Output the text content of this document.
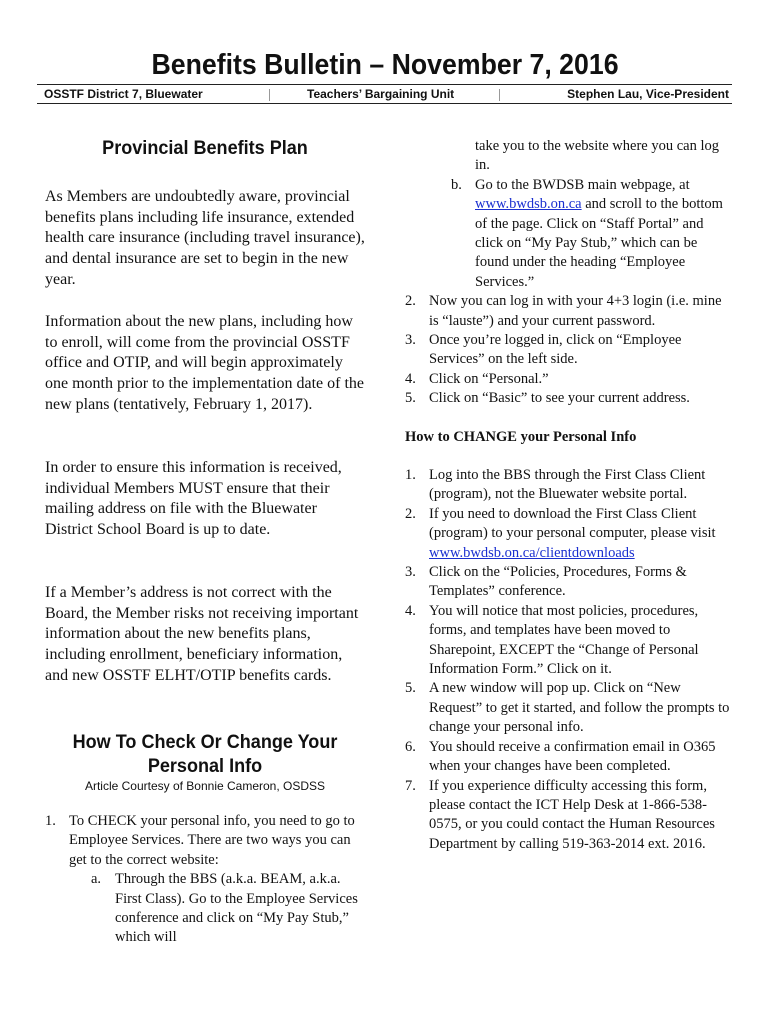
Benefits Bulletin – November 7, 2016
OSSTF District 7, Bluewater	Teachers’ Bargaining Unit	Stephen Lau, Vice-President
Provincial Benefits Plan

As Members are undoubtedly aware, provincial benefits plans including life insurance, extended health care insurance (including travel insurance), and dental insurance are set to begin in the new year.

Information about the new plans, including how to enroll, will come from the provincial OSSTF office and OTIP, and will begin approximately one month prior to the implementation date of the new plans (tentatively, February 1, 2017).

In order to ensure this information is received, individual Members MUST ensure that their mailing address on file with the Bluewater District School Board is up to date.

If a Member’s address is not correct with the Board, the Member risks not receiving important information about the new benefits plans, including enrollment, beneficiary information, and new OSSTF ELHT/OTIP benefits cards.

How To Check Or Change Your Personal Info
Article Courtesy of Bonnie Cameron, OSDSS
1. To CHECK your personal info, you need to go to Employee Services. There are two ways you can get to the correct website:
a. Through the BBS (a.k.a. BEAM, a.k.a. First Class). Go to the Employee Services conference and click on “My Pay Stub,” which will
take you to the website where you can log in.
b. Go to the BWDSB main webpage, at www.bwdsb.on.ca and scroll to the bottom of the page. Click on “Staff Portal” and click on “My Pay Stub,” which can be found under the heading “Employee Services.”
2. Now you can log in with your 4+3 login (i.e. mine is “lauste”) and your current password.
3. Once you’re logged in, click on “Employee Services” on the left side.
4. Click on “Personal.”
5. Click on “Basic” to see your current address.
How to CHANGE your Personal Info
1. Log into the BBS through the First Class Client (program), not the Bluewater website portal.
2. If you need to download the First Class Client (program) to your personal computer, please visit www.bwdsb.on.ca/clientdownloads
3. Click on the “Policies, Procedures, Forms & Templates” conference.
4. You will notice that most policies, procedures, forms, and templates have been moved to Sharepoint, EXCEPT the “Change of Personal Information Form.” Click on it.
5. A new window will pop up. Click on “New Request” to get it started, and follow the prompts to change your personal info.
6. You should receive a confirmation email in O365 when your changes have been completed.
7. If you experience difficulty accessing this form, please contact the ICT Help Desk at 1-866-538-0575, or you could contact the Human Resources Department by calling 519-363-2014 ext. 2016.
